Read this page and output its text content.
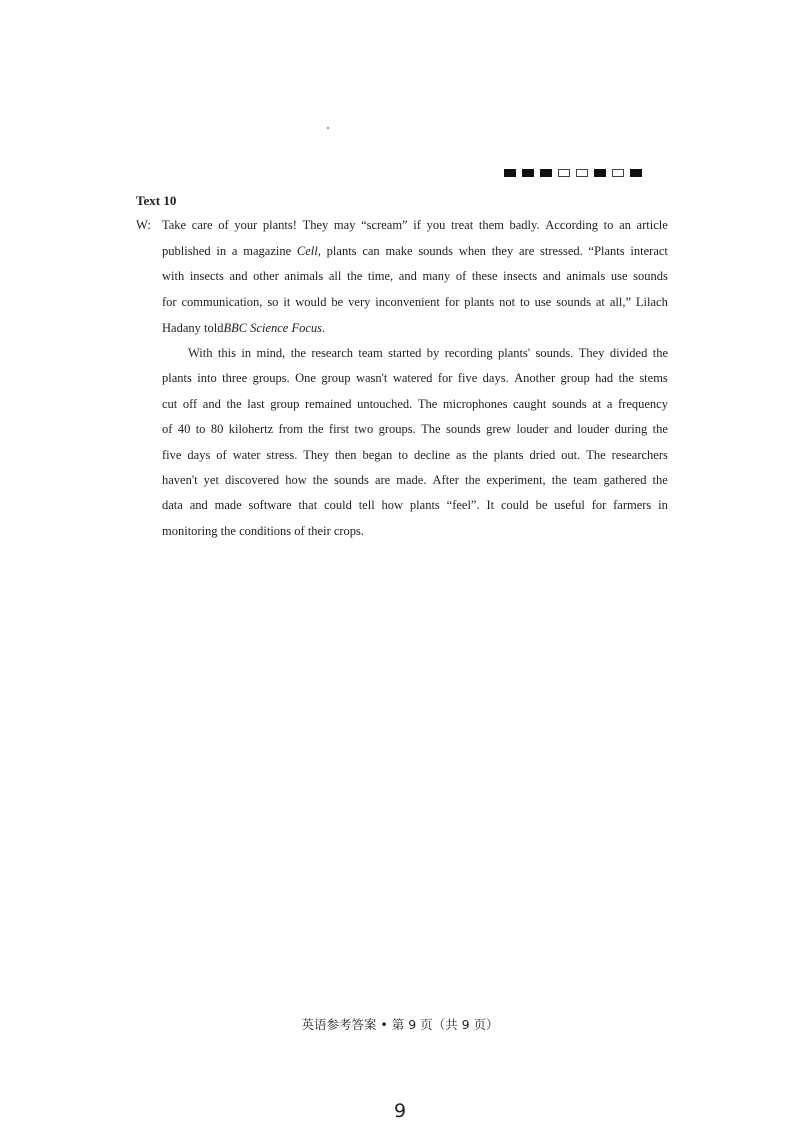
Text 10
W: Take care of your plants! They may “scream” if you treat them badly. According to an article
published in a magazine Cell, plants can make sounds when they are stressed. “Plants interact
with insects and other animals all the time, and many of these insects and animals use sounds
for communication, so it would be very inconvenient for plants not to use sounds at all,” Lilach
Hadany told BBC Science Focus .
With this in mind, the research team started by recording plants' sounds. They divided the
plants into three groups. One group wasn't watered for five days. Another group had the stems
cut off and the last group remained untouched. The microphones caught sounds at a frequency
of 40 to 80 kilohertz from the first two groups. The sounds grew louder and louder during the
five days of water stress. They then began to decline as the plants dried out. The researchers
haven't yet discovered how the sounds are made. After the experiment, the team gathered the
data and made software that could tell how plants “feel”. It could be useful for farmers in
monitoring the conditions of their crops.
英语参考答案 • 第 9 页（共 9 页）
9
